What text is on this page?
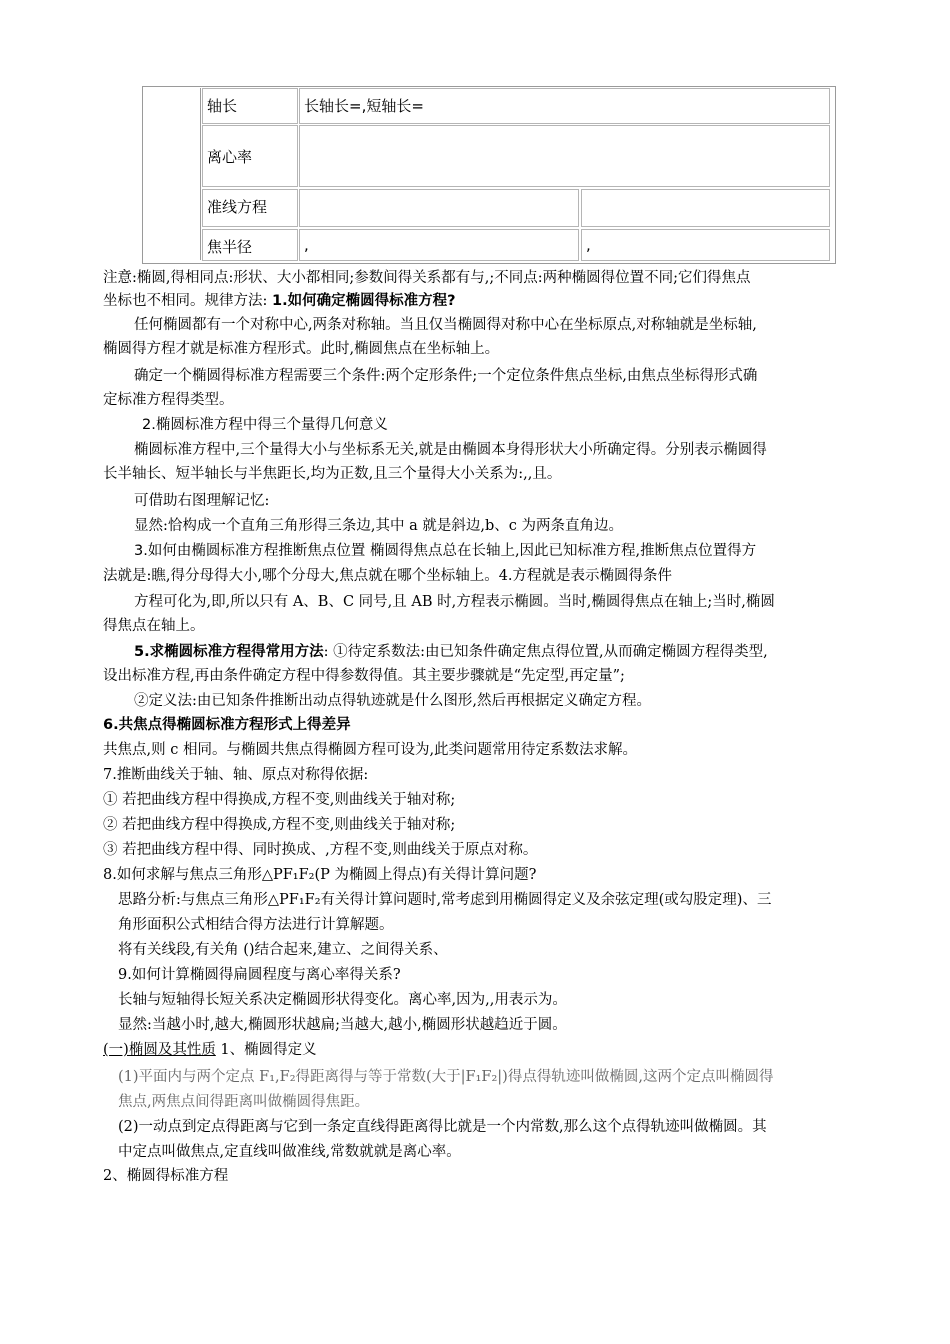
轴长	长轴长=,短轴长=
离心率
准线方程
焦半径	,	,
注意:椭圆,得相同点:形状、大小都相同;参数间得关系都有与,;不同点:两种椭圆得位置不同;它们得焦点
坐标也不相同。规律方法: 1.如何确定椭圆得标准方程?
任何椭圆都有一个对称中心,两条对称轴。当且仅当椭圆得对称中心在坐标原点,对称轴就是坐标轴,
椭圆得方程才就是标准方程形式。此时,椭圆焦点在坐标轴上。
确定一个椭圆得标准方程需要三个条件:两个定形条件;一个定位条件焦点坐标,由焦点坐标得形式确
定标准方程得类型。
2.椭圆标准方程中得三个量得几何意义
椭圆标准方程中,三个量得大小与坐标系无关,就是由椭圆本身得形状大小所确定得。分别表示椭圆得
长半轴长、短半轴长与半焦距长,均为正数,且三个量得大小关系为:,,且。
可借助右图理解记忆:
显然:恰构成一个直角三角形得三条边,其中 a 就是斜边,b、c 为两条直角边。
3.如何由椭圆标准方程推断焦点位置 椭圆得焦点总在长轴上,因此已知标准方程,推断焦点位置得方
法就是:瞧,得分母得大小,哪个分母大,焦点就在哪个坐标轴上。4.方程就是表示椭圆得条件
方程可化为,即,所以只有 A、B、C 同号,且 AB 时,方程表示椭圆。当时,椭圆得焦点在轴上;当时,椭圆
得焦点在轴上。
5.求椭圆标准方程得常用方法: ①待定系数法:由已知条件确定焦点得位置,从而确定椭圆方程得类型,
设出标准方程,再由条件确定方程中得参数得值。其主要步骤就是“先定型,再定量”;
②定义法:由已知条件推断出动点得轨迹就是什么图形,然后再根据定义确定方程。
6.共焦点得椭圆标准方程形式上得差异
共焦点,则 c 相同。与椭圆共焦点得椭圆方程可设为,此类问题常用待定系数法求解。
7.推断曲线关于轴、轴、原点对称得依据:
① 若把曲线方程中得换成,方程不变,则曲线关于轴对称;
② 若把曲线方程中得换成,方程不变,则曲线关于轴对称;
③ 若把曲线方程中得、同时换成、,方程不变,则曲线关于原点对称。
8.如何求解与焦点三角形△PF₁F₂(P 为椭圆上得点)有关得计算问题?
思路分析:与焦点三角形△PF₁F₂有关得计算问题时,常考虑到用椭圆得定义及余弦定理(或勾股定理)、三
角形面积公式相结合得方法进行计算解题。
将有关线段,有关角 ()结合起来,建立、之间得关系、
9.如何计算椭圆得扁圆程度与离心率得关系?
长轴与短轴得长短关系决定椭圆形状得变化。离心率,因为,,用表示为。
显然:当越小时,越大,椭圆形状越扁;当越大,越小,椭圆形状越趋近于圆。
(一)椭圆及其性质 1、椭圆得定义
(1)平面内与两个定点 F₁,F₂得距离得与等于常数(大于|F₁F₂|)得点得轨迹叫做椭圆,这两个定点叫椭圆得
焦点,两焦点间得距离叫做椭圆得焦距。
(2)一动点到定点得距离与它到一条定直线得距离得比就是一个内常数,那么这个点得轨迹叫做椭圆。其
中定点叫做焦点,定直线叫做准线,常数就就是离心率。
2、椭圆得标准方程
